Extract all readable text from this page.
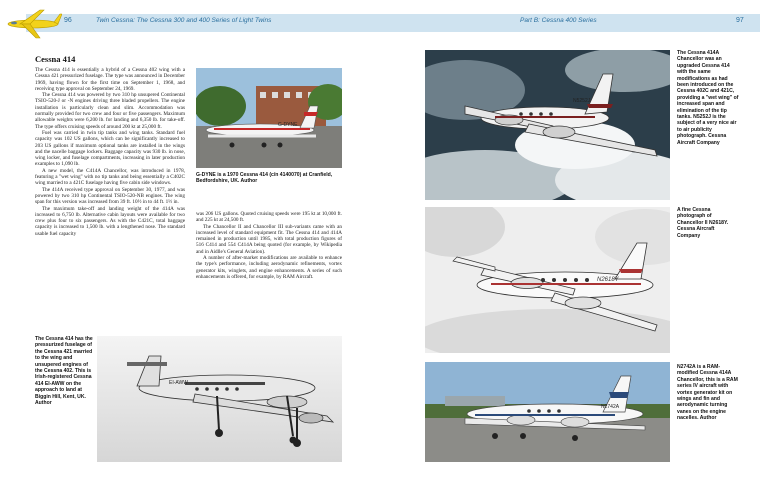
96	Twin Cessna: The Cessna 300 and 400 Series of Light Twins	Part B: Cessna 400 Series	97
Cessna 414

The Cessna 414 is essentially a hybrid of a Cessna 402 wing with a Cessna 421 pressurized fuselage. The type was announced in December 1969, having flown for the first time on September 1, 1968, and receiving type approval on September 24, 1969.

The Cessna 414 was powered by two 310 hp unsupered Continental TSIO-520-J or -N engines driving three bladed propellers. The engine installation is particularly clean and slim. Accommodation was normally provided for two crew and four or five passengers. Maximum allowable weights were 6,200 lb. for landing and 6,350 lb. for take-off. The type offers cruising speeds of around 200 kt at 25,000 ft.

Fuel was carried in twin tip tanks and wing tanks. Standard fuel capacity was 102 US gallons, which can be significantly increased to 203 US gallons if maximum optional tanks are installed in the wings and the nacelle baggage lockers. Baggage capacity was 930 lb. in nose, wing locker, and fuselage compartments, increasing in later production examples to 1,090 lb.

A new model, the C414A Chancellor, was introduced in 1978, featuring a "wet wing" with no tip tanks and being essentially a C402C wing married to a 421C fuselage having five cabin side windows.

The 414A received type approval on September 30, 1977, and was powered by two 310 hp Continental TSIO-520-NB engines. The wing span for this version was increased from 39 ft. 10½ in to 44 ft. 1½ in.

The maximum take-off and landing weight of the 414A was increased to 6,750 lb. Alternative cabin layouts were available for two crew plus four to six passengers. As with the C421C, total baggage capacity is increased to 1,500 lb. with a lengthened nose. The standard usable fuel capacity

was 206 US gallons. Quoted cruising speeds were 195 kt at 10,000 ft. and 225 kt at 24,500 ft.

The Chancellor II and Chancellor III sub-variants came with an increased level of standard equipment fit. The Cessna 414 and 414A remained in production until 1985, with total production figures of 516 C414 and 554 C414A being quoted (for example, by Wikipedia and in Aidlle's General Aviation).

A number of after-market modifications are available to enhance the type's performance, including aerodynamic refinements, vortex generator kits, winglets, and engine enhancements. A series of such enhancements is offered, for example, by RAM Aircraft.

G-DYNE
G-DYNE is a 1970 Cessna 414 (c/n 4140070) at Cranfield, Bedfordshire, UK. Author
The Cessna 414 has the pressurized fuselage of the Cessna 421 married to the wing and unsupered engines of the Cessna 402. This is Irish-registered Cessna 414 EI-AWW on the approach to land at Biggin Hill, Kent, UK. Author
EI-AWW
N5252J
The Cessna 414A Chancellor was an upgraded Cessna 414 with the same modifications as had been introduced on the Cessna 402C and 421C, providing a "wet wing" of increased span and elimination of the tip tanks. N5252J is the subject of a very nice air to air publicity photograph. Cessna Aircraft Company
N2618Y
A fine Cessna photograph of Chancellor II N2618Y. Cessna Aircraft Company
N2742A
N2742A is a RAM-modified Cessna 414A Chancellor, this is a RAM series IV aircraft with vortex generator kit on wings and fin and aerodynamic turning vanes on the engine nacelles. Author
